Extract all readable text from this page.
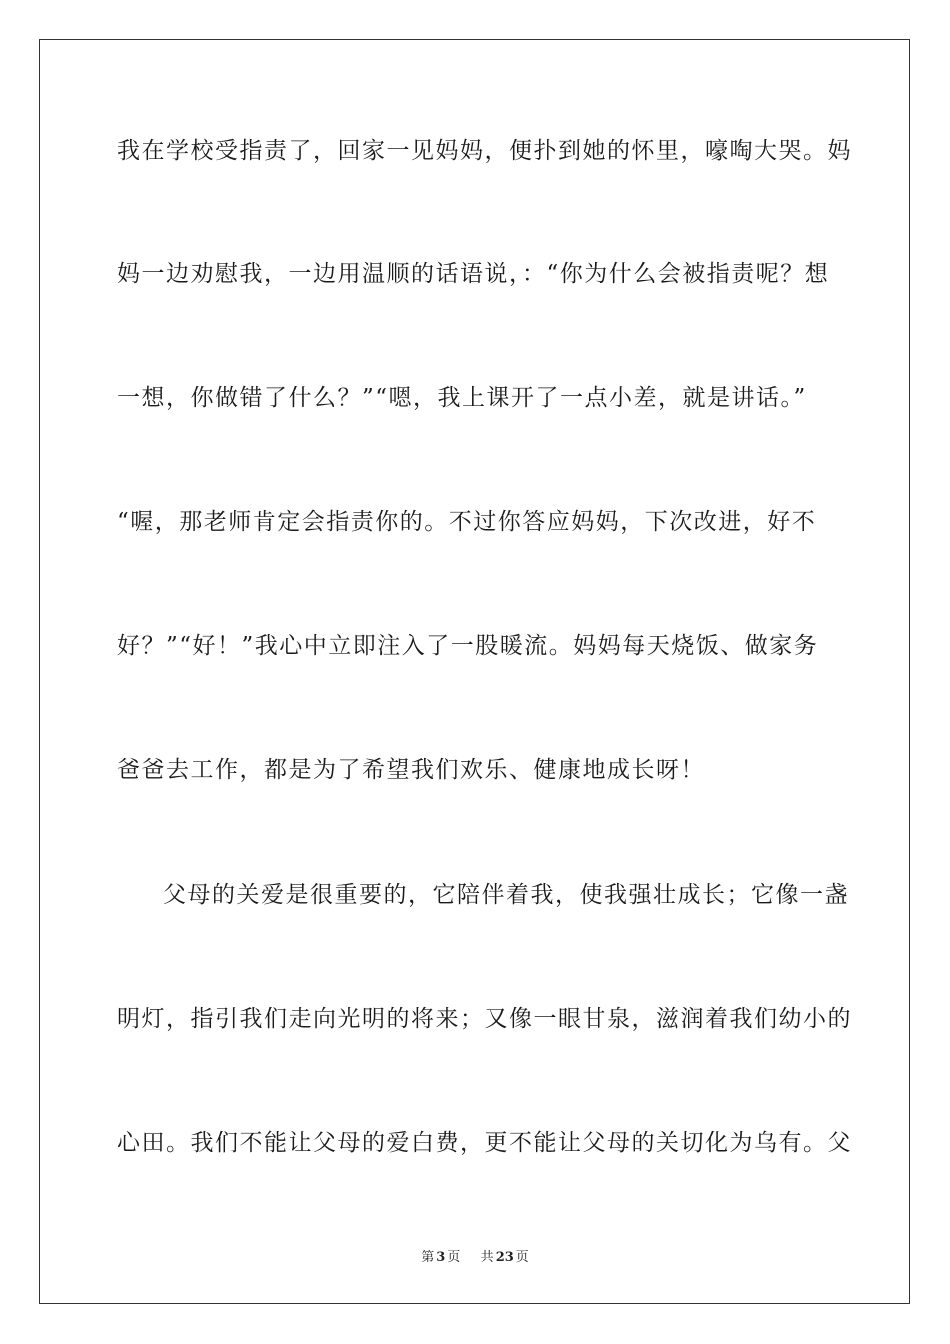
我在学校受指责了，回家一见妈妈，便扑到她的怀里，嚎啕大哭。妈
妈一边劝慰我，一边用温顺的话语说，：“你为什么会被指责呢？想
一想，你做错了什么？”“嗯，我上课开了一点小差，就是讲话。”
“喔，那老师肯定会指责你的。不过你答应妈妈，下次改进，好不
好？”“好！”我心中立即注入了一股暖流。妈妈每天烧饭、做家务
爸爸去工作，都是为了希望我们欢乐、健康地成长呀！
父母的关爱是很重要的，它陪伴着我，使我强壮成长；它像一盏
明灯，指引我们走向光明的将来；又像一眼甘泉，滋润着我们幼小的
心田。我们不能让父母的爱白费，更不能让父母的关切化为乌有。父
第 3 页 共 23 页
